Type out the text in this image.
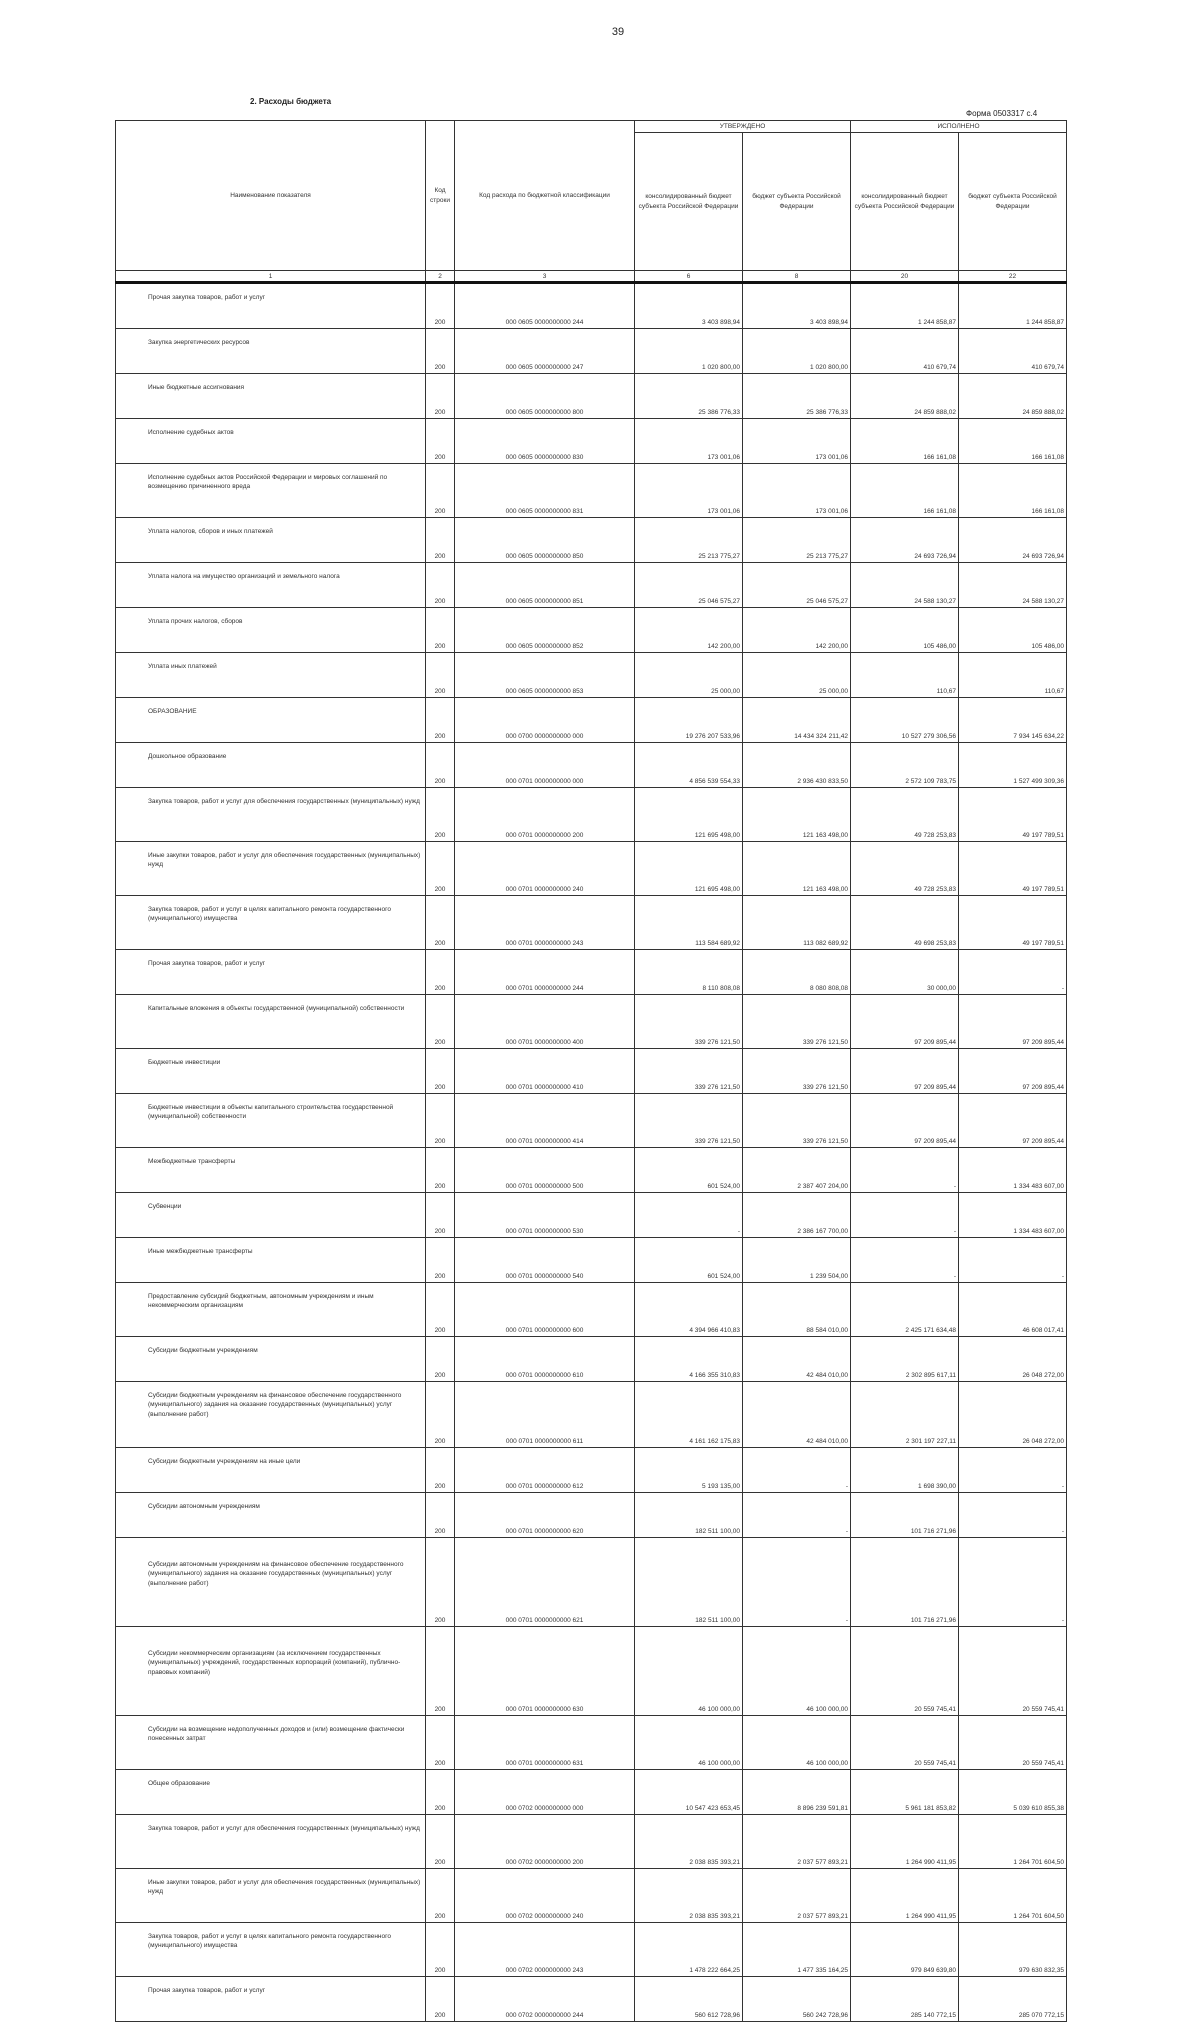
39
2. Расходы бюджета
Форма 0503317 с.4
Наименование показателя	Код строки	Код расхода по бюджетной классификации	УТВЕРЖДЕНО		ИСПОЛНЕНО	
			консолидированный бюджет субъекта Российской Федерации	бюджет субъекта Российской Федерации	консолидированный бюджет субъекта Российской Федерации	бюджет субъекта Российской Федерации
1	2	3	6	8	20	22
Прочая закупка товаров, работ и услуг	200	000 0605 0000000000 244	3 403 898,94	3 403 898,94	1 244 858,87	1 244 858,87
Закупка энергетических ресурсов	200	000 0605 0000000000 247	1 020 800,00	1 020 800,00	410 679,74	410 679,74
Иные бюджетные ассигнования	200	000 0605 0000000000 800	25 386 776,33	25 386 776,33	24 859 888,02	24 859 888,02
Исполнение судебных актов	200	000 0605 0000000000 830	173 001,06	173 001,06	166 161,08	166 161,08
Исполнение судебных актов Российской Федерации и мировых соглашений по возмещению причиненного вреда	200	000 0605 0000000000 831	173 001,06	173 001,06	166 161,08	166 161,08
Уплата налогов, сборов и иных платежей	200	000 0605 0000000000 850	25 213 775,27	25 213 775,27	24 693 726,94	24 693 726,94
Уплата налога на имущество организаций и земельного налога	200	000 0605 0000000000 851	25 046 575,27	25 046 575,27	24 588 130,27	24 588 130,27
Уплата прочих налогов, сборов	200	000 0605 0000000000 852	142 200,00	142 200,00	105 486,00	105 486,00
Уплата иных платежей	200	000 0605 0000000000 853	25 000,00	25 000,00	110,67	110,67
ОБРАЗОВАНИЕ	200	000 0700 0000000000 000	19 276 207 533,96	14 434 324 211,42	10 527 279 306,56	7 934 145 634,22
Дошкольное образование	200	000 0701 0000000000 000	4 856 539 554,33	2 936 430 833,50	2 572 109 783,75	1 527 499 309,36
Закупка товаров, работ и услуг для обеспечения государственных (муниципальных) нужд	200	000 0701 0000000000 200	121 695 498,00	121 163 498,00	49 728 253,83	49 197 789,51
Иные закупки товаров, работ и услуг для обеспечения государственных (муниципальных) нужд	200	000 0701 0000000000 240	121 695 498,00	121 163 498,00	49 728 253,83	49 197 789,51
Закупка товаров, работ и услуг в целях капитального ремонта государственного (муниципального) имущества	200	000 0701 0000000000 243	113 584 689,92	113 082 689,92	49 698 253,83	49 197 789,51
Прочая закупка товаров, работ и услуг	200	000 0701 0000000000 244	8 110 808,08	8 080 808,08	30 000,00	-
Капитальные вложения в объекты государственной (муниципальной) собственности	200	000 0701 0000000000 400	339 276 121,50	339 276 121,50	97 209 895,44	97 209 895,44
Бюджетные инвестиции	200	000 0701 0000000000 410	339 276 121,50	339 276 121,50	97 209 895,44	97 209 895,44
Бюджетные инвестиции в объекты капитального строительства государственной (муниципальной) собственности	200	000 0701 0000000000 414	339 276 121,50	339 276 121,50	97 209 895,44	97 209 895,44
Межбюджетные трансферты	200	000 0701 0000000000 500	601 524,00	2 387 407 204,00	-	1 334 483 607,00
Субвенции	200	000 0701 0000000000 530	-	2 386 167 700,00	-	1 334 483 607,00
Иные межбюджетные трансферты	200	000 0701 0000000000 540	601 524,00	1 239 504,00	-	-
Предоставление субсидий бюджетным, автономным учреждениям и иным некоммерческим организациям	200	000 0701 0000000000 600	4 394 966 410,83	88 584 010,00	2 425 171 634,48	46 608 017,41
Субсидии бюджетным учреждениям	200	000 0701 0000000000 610	4 166 355 310,83	42 484 010,00	2 302 895 617,11	26 048 272,00
Субсидии бюджетным учреждениям на финансовое обеспечение государственного (муниципального) задания на оказание государственных (муниципальных) услуг (выполнение работ)	200	000 0701 0000000000 611	4 161 162 175,83	42 484 010,00	2 301 197 227,11	26 048 272,00
Субсидии бюджетным учреждениям на иные цели	200	000 0701 0000000000 612	5 193 135,00	-	1 698 390,00	-
Субсидии автономным учреждениям	200	000 0701 0000000000 620	182 511 100,00	-	101 716 271,96	-
Субсидии автономным учреждениям на финансовое обеспечение государственного (муниципального) задания на оказание государственных (муниципальных) услуг (выполнение работ)	200	000 0701 0000000000 621	182 511 100,00	-	101 716 271,96	-
Субсидии некоммерческим организациям (за исключением государственных (муниципальных) учреждений, государственных корпораций (компаний), публично-правовых компаний)	200	000 0701 0000000000 630	46 100 000,00	46 100 000,00	20 559 745,41	20 559 745,41
Субсидии на возмещение недополученных доходов и (или) возмещение фактически понесенных затрат	200	000 0701 0000000000 631	46 100 000,00	46 100 000,00	20 559 745,41	20 559 745,41
Общее образование	200	000 0702 0000000000 000	10 547 423 653,45	8 896 239 591,81	5 961 181 853,82	5 039 610 855,38
Закупка товаров, работ и услуг для обеспечения государственных (муниципальных) нужд	200	000 0702 0000000000 200	2 038 835 393,21	2 037 577 893,21	1 264 990 411,95	1 264 701 604,50
Иные закупки товаров, работ и услуг для обеспечения государственных (муниципальных) нужд	200	000 0702 0000000000 240	2 038 835 393,21	2 037 577 893,21	1 264 990 411,95	1 264 701 604,50
Закупка товаров, работ и услуг в целях капитального ремонта государственного (муниципального) имущества	200	000 0702 0000000000 243	1 478 222 664,25	1 477 335 164,25	979 849 639,80	979 630 832,35
Прочая закупка товаров, работ и услуг	200	000 0702 0000000000 244	560 612 728,96	560 242 728,96	285 140 772,15	285 070 772,15
